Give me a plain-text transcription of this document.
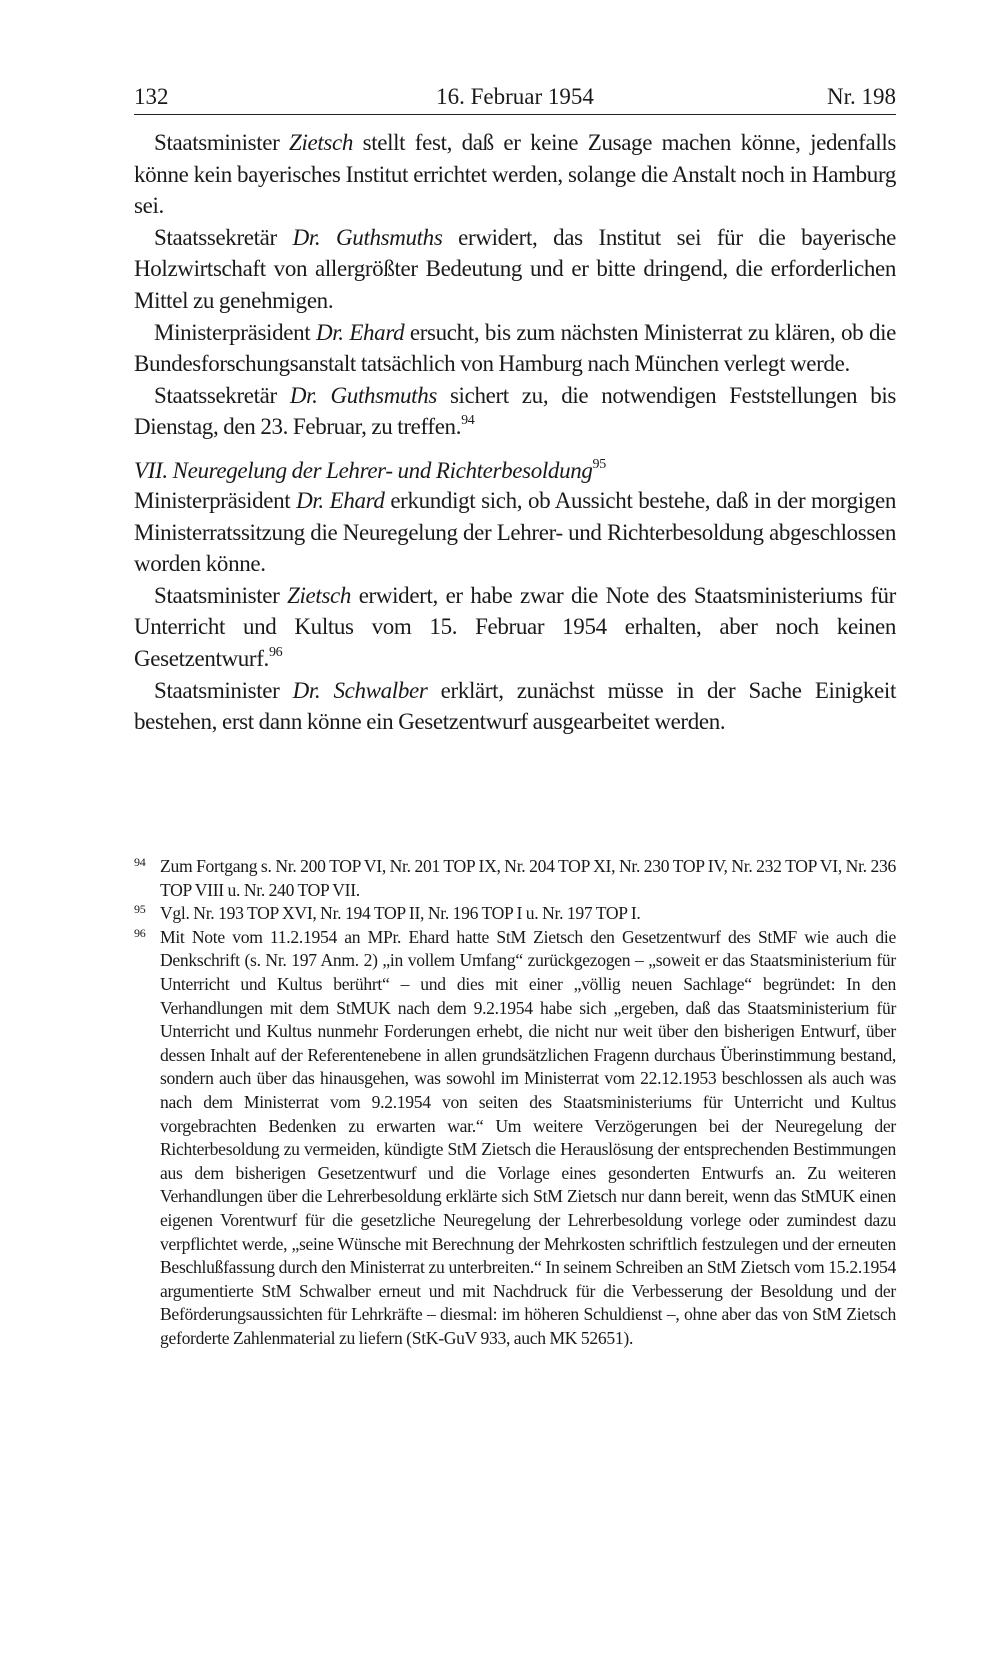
132	16. Februar 1954	Nr. 198

Staatsminister Zietsch stellt fest, daß er keine Zusage machen könne, jedenfalls könne kein bayerisches Institut errichtet werden, solange die Anstalt noch in Hamburg sei.

Staatssekretär Dr. Guthsmuths erwidert, das Institut sei für die bayerische Holzwirtschaft von allergrößter Bedeutung und er bitte dringend, die erforderlichen Mittel zu genehmigen.

Ministerpräsident Dr. Ehard ersucht, bis zum nächsten Ministerrat zu klären, ob die Bundesforschungsanstalt tatsächlich von Hamburg nach München verlegt werde.

Staatssekretär Dr. Guthsmuths sichert zu, die notwendigen Feststellungen bis Dienstag, den 23. Februar, zu treffen.$^{94}$

VII. Neuregelung der Lehrer- und Richterbesoldung$^{95}$

Ministerpräsident Dr. Ehard erkundigt sich, ob Aussicht bestehe, daß in der morgigen Ministerratssitzung die Neuregelung der Lehrer- und Richterbesoldung abgeschlossen worden könne.

Staatsminister Zietsch erwidert, er habe zwar die Note des Staatsministeriums für Unterricht und Kultus vom 15. Februar 1954 erhalten, aber noch keinen Gesetzentwurf.$^{96}$

Staatsminister Dr. Schwalber erklärt, zunächst müsse in der Sache Einigkeit bestehen, erst dann könne ein Gesetzentwurf ausgearbeitet werden.

94 Zum Fortgang s. Nr. 200 TOP VI, Nr. 201 TOP IX, Nr. 204 TOP XI, Nr. 230 TOP IV, Nr. 232 TOP VI, Nr. 236 TOP VIII u. Nr. 240 TOP VII.
95 Vgl. Nr. 193 TOP XVI, Nr. 194 TOP II, Nr. 196 TOP I u. Nr. 197 TOP I.
96 Mit Note vom 11.2.1954 an MPr. Ehard hatte StM Zietsch den Gesetzentwurf des StMF wie auch die Denkschrift (s. Nr. 197 Anm. 2) „in vollem Umfang“ zurückgezogen – „soweit er das Staatsministerium für Unterricht und Kultus berührt“ – und dies mit einer „völlig neuen Sachlage“ begründet: In den Verhandlungen mit dem StMUK nach dem 9.2.1954 habe sich „ergeben, daß das Staatsministerium für Unterricht und Kultus nunmehr Forderungen erhebt, die nicht nur weit über den bisherigen Entwurf, über dessen Inhalt auf der Referentenebene in allen grundsätzlichen Fragenn durchaus Überinstimmung bestand, sondern auch über das hinausgehen, was sowohl im Ministerrat vom 22.12.1953 beschlossen als auch was nach dem Ministerrat vom 9.2.1954 von seiten des Staatsministeriums für Unterricht und Kultus vorgebrachten Bedenken zu erwarten war.“ Um weitere Verzögerungen bei der Neuregelung der Richterbesoldung zu vermeiden, kündigte StM Zietsch die Herauslösung der entsprechenden Bestimmungen aus dem bisherigen Gesetzentwurf und die Vorlage eines gesonderten Entwurfs an. Zu weiteren Verhandlungen über die Lehrerbesoldung erklärte sich StM Zietsch nur dann bereit, wenn das StMUK einen eigenen Vorentwurf für die gesetzliche Neuregelung der Lehrerbesoldung vorlege oder zumindest dazu verpflichtet werde, „seine Wünsche mit Berechnung der Mehrkosten schriftlich festzulegen und der erneuten Beschlußfassung durch den Ministerrat zu unterbreiten.“ In seinem Schreiben an StM Zietsch vom 15.2.1954 argumentierte StM Schwalber erneut und mit Nachdruck für die Verbesserung der Besoldung und der Beförderungsaussichten für Lehrkräfte – diesmal: im höheren Schuldienst –, ohne aber das von StM Zietsch geforderte Zahlenmaterial zu liefern (StK-GuV 933, auch MK 52651).
